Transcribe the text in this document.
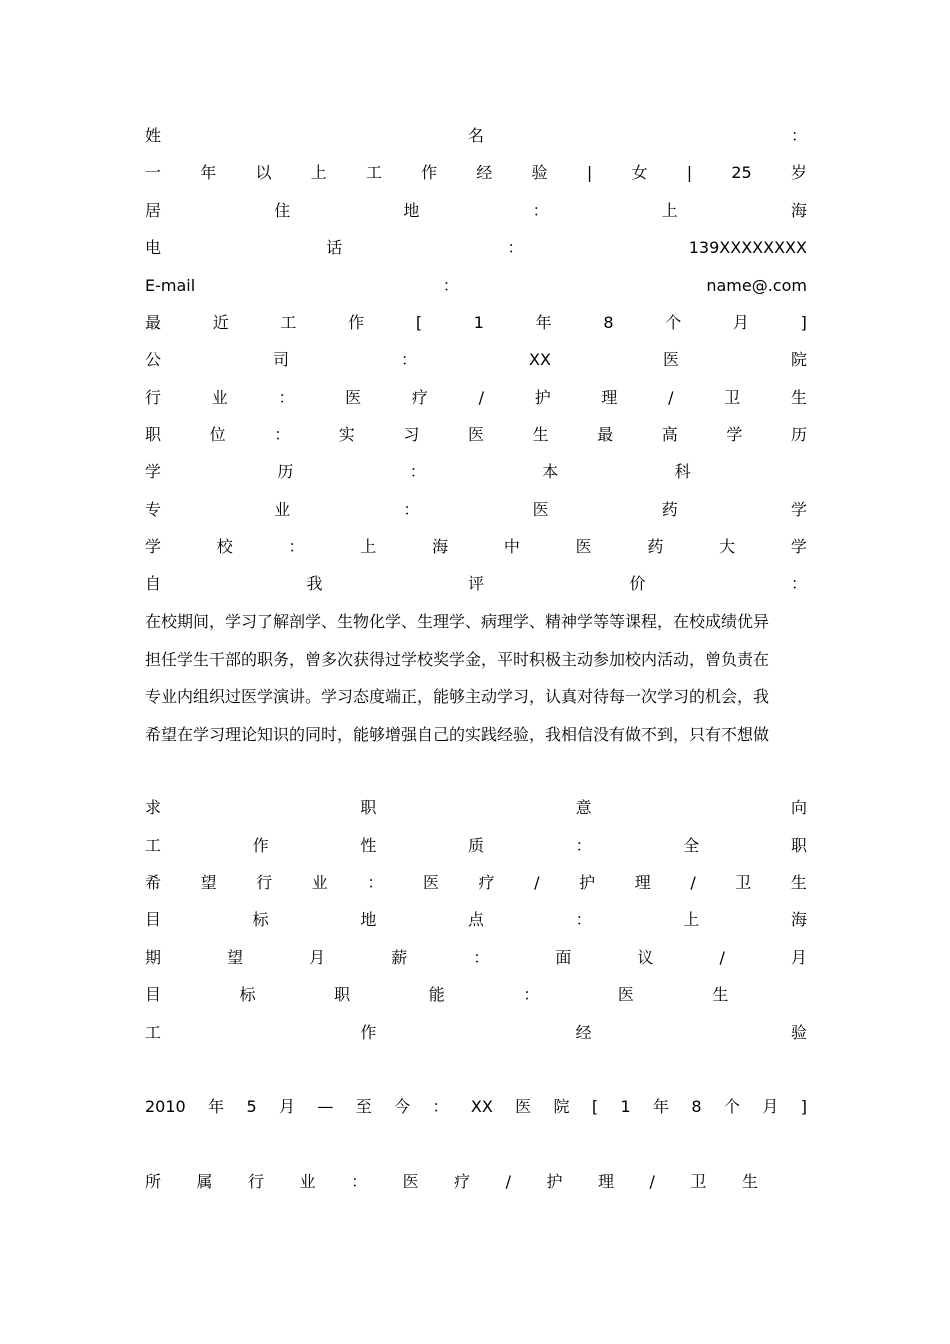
姓	名	：
一 年 以 上 工 作 经 验 | 女 | 25 岁
居	住	地	：	上	海
电	话	：	139XXXXXXXX
E-mail	：	name@.com
最	近	工	作	[	1	年	8	个	月	]
公	司	：	XX	医	院
行	业	：	医	疗	/	护	理	/	卫	生
职	位	：	实	习	医	生	最	高	学	历
学	历	：	本	科
专	业	：	医	药	学
学	校	：	上	海	中	医	药	大	学
自	我	评	价	：
在校期间，学习了解剖学、生物化学、生理学、病理学、精神学等等课程，在校成绩优异
担任学生干部的职务，曾多次获得过学校奖学金，平时积极主动参加校内活动，曾负责在
专业内组织过医学演讲。学习态度端正，能够主动学习，认真对待每一次学习的机会，我
希望在学习理论知识的同时，能够增强自己的实践经验，我相信没有做不到，只有不想做
求	职	意	向
工	作	性	质	：	全	职
希 望 行 业 ： 医 疗 / 护 理 / 卫 生
目	标	地	点	：	上	海
期	望	月	薪	：	面	议	/	月
目	标	职	能	：	医	生
工	作	经	验
2010 年 5 月 — 至 今 ： XX 医 院 [ 1 年 8 个 月 ]
所 属 行 业 ： 医 疗 / 护 理 / 卫 生
